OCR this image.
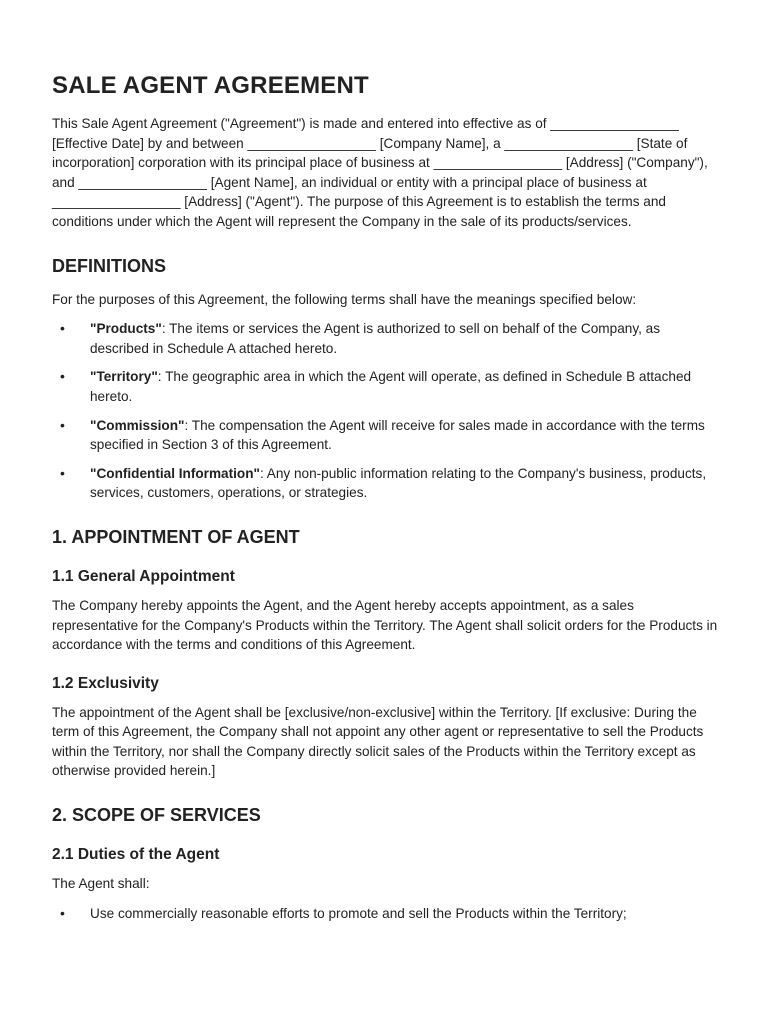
SALE AGENT AGREEMENT

This Sale Agent Agreement ("Agreement") is made and entered into effective as of _________________ [Effective Date] by and between _________________ [Company Name], a _________________ [State of incorporation] corporation with its principal place of business at _________________ [Address] ("Company"), and _________________ [Agent Name], an individual or entity with a principal place of business at _________________ [Address] ("Agent"). The purpose of this Agreement is to establish the terms and conditions under which the Agent will represent the Company in the sale of its products/services.

DEFINITIONS

For the purposes of this Agreement, the following terms shall have the meanings specified below:

• "Products": The items or services the Agent is authorized to sell on behalf of the Company, as described in Schedule A attached hereto.
• "Territory": The geographic area in which the Agent will operate, as defined in Schedule B attached hereto.
• "Commission": The compensation the Agent will receive for sales made in accordance with the terms specified in Section 3 of this Agreement.
• "Confidential Information": Any non-public information relating to the Company's business, products, services, customers, operations, or strategies.
1. APPOINTMENT OF AGENT
1.1 General Appointment

The Company hereby appoints the Agent, and the Agent hereby accepts appointment, as a sales representative for the Company's Products within the Territory. The Agent shall solicit orders for the Products in accordance with the terms and conditions of this Agreement.

1.2 Exclusivity

The appointment of the Agent shall be [exclusive/non-exclusive] within the Territory. [If exclusive: During the term of this Agreement, the Company shall not appoint any other agent or representative to sell the Products within the Territory, nor shall the Company directly solicit sales of the Products within the Territory except as otherwise provided herein.]

2. SCOPE OF SERVICES
2.1 Duties of the Agent

The Agent shall:

• Use commercially reasonable efforts to promote and sell the Products within the Territory;
